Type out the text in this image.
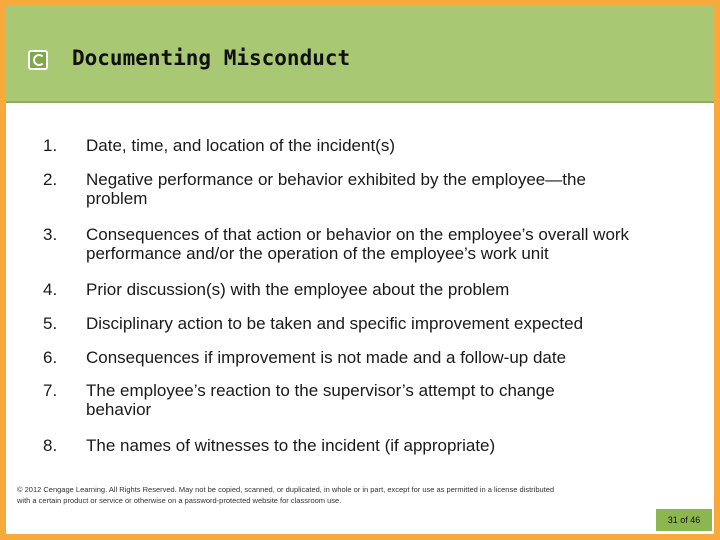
Documenting Misconduct
1. Date, time, and location of the incident(s)
2. Negative performance or behavior exhibited by the employee—the problem
3. Consequences of that action or behavior on the employee’s overall work performance and/or the operation of the employee’s work unit
4. Prior discussion(s) with the employee about the problem
5. Disciplinary action to be taken and specific improvement expected
6. Consequences if improvement is not made and a follow-up date
7. The employee’s reaction to the supervisor’s attempt to change behavior
8. The names of witnesses to the incident (if appropriate)
© 2012 Cengage Learning. All Rights Reserved. May not be copied, scanned, or duplicated, in whole or in part, except for use as permitted in a license distributed with a certain product or service or otherwise on a password-protected website for classroom use.
31 of 46
